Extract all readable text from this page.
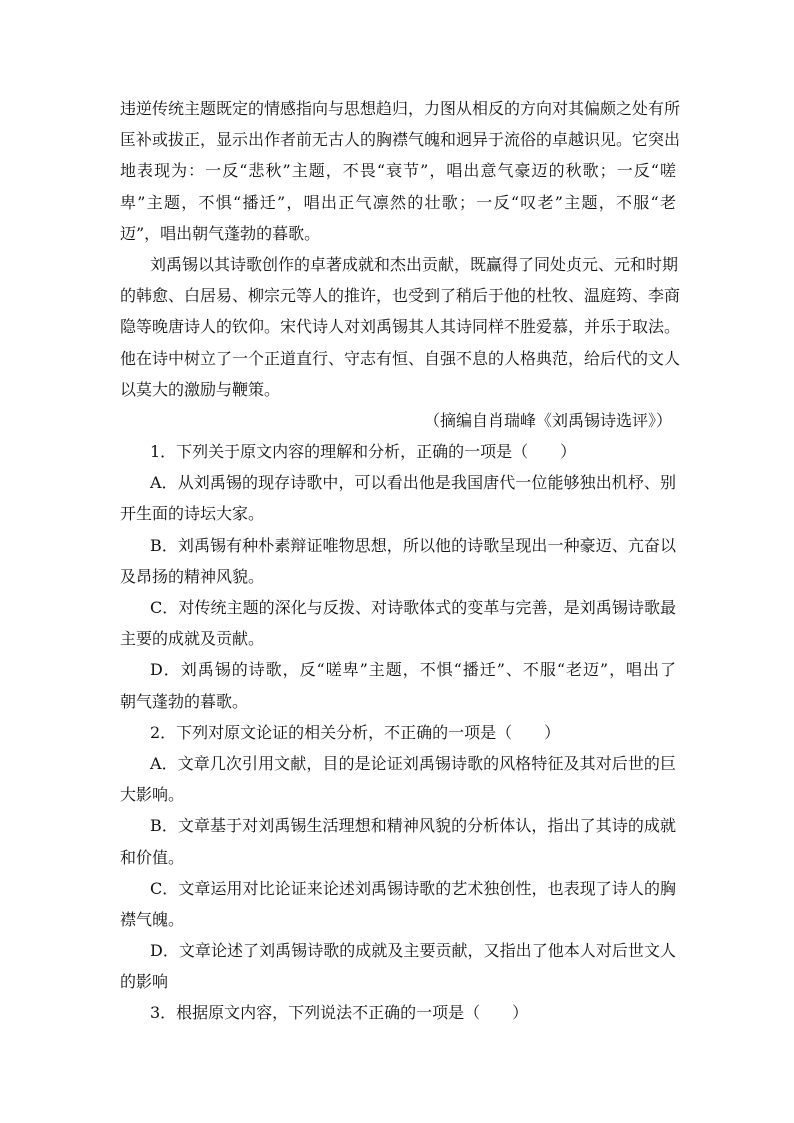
违逆传统主题既定的情感指向与思想趋归，力图从相反的方向对其偏颇之处有所
匡补或拔正，显示出作者前无古人的胸襟气魄和迥异于流俗的卓越识见。它突出
地表现为：一反“悲秋”主题，不畏“衰节”，唱出意气豪迈的秋歌；一反“嗟
卑”主题，不惧“播迁”，唱出正气凛然的壮歌；一反“叹老”主题，不服“老
迈”，唱出朝气蓬勃的暮歌。
刘禹锡以其诗歌创作的卓著成就和杰出贡献，既赢得了同处贞元、元和时期
的韩愈、白居易、柳宗元等人的推许，也受到了稍后于他的杜牧、温庭筠、李商
隐等晚唐诗人的钦仰。宋代诗人对刘禹锡其人其诗同样不胜爱慕，并乐于取法。
他在诗中树立了一个正道直行、守志有恒、自强不息的人格典范，给后代的文人
以莫大的激励与鞭策。
（摘编自肖瑞峰《刘禹锡诗选评》）
1．下列关于原文内容的理解和分析，正确的一项是（　　）
A．从刘禹锡的现存诗歌中，可以看出他是我国唐代一位能够独出机杼、别
开生面的诗坛大家。
B．刘禹锡有种朴素辩证唯物思想，所以他的诗歌呈现出一种豪迈、亢奋以
及昂扬的精神风貌。
C．对传统主题的深化与反拨、对诗歌体式的变革与完善，是刘禹锡诗歌最
主要的成就及贡献。
D．刘禹锡的诗歌，反“嗟卑”主题，不惧“播迁”、不服“老迈”，唱出了
朝气蓬勃的暮歌。
2．下列对原文论证的相关分析，不正确的一项是（　　）
A．文章几次引用文献，目的是论证刘禹锡诗歌的风格特征及其对后世的巨
大影响。
B．文章基于对刘禹锡生活理想和精神风貌的分析体认，指出了其诗的成就
和价值。
C．文章运用对比论证来论述刘禹锡诗歌的艺术独创性，也表现了诗人的胸
襟气魄。
D．文章论述了刘禹锡诗歌的成就及主要贡献，又指出了他本人对后世文人
的影响
3．根据原文内容，下列说法不正确的一项是（　　）
